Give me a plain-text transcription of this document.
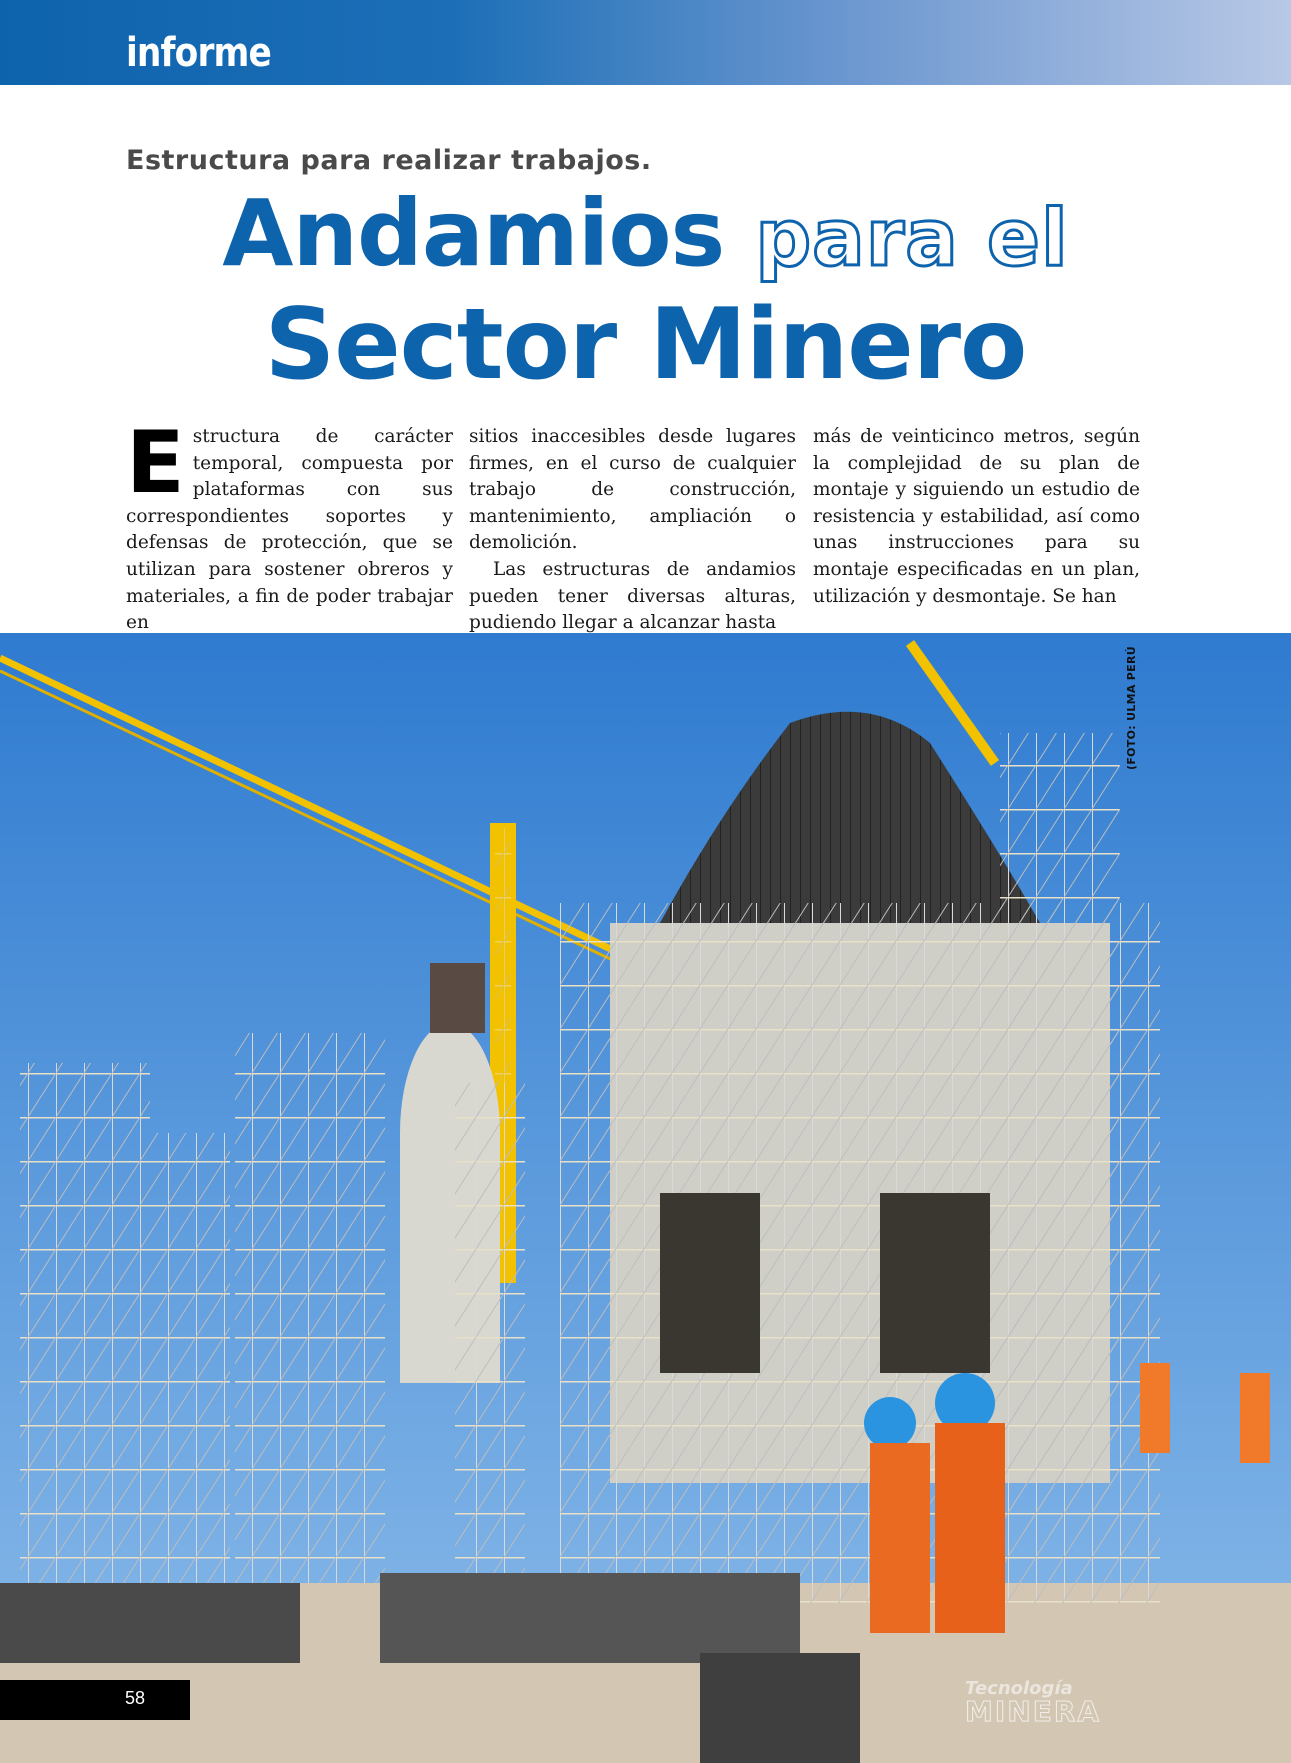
informe
Estructura para realizar trabajos.
Andamios para el
Sector Minero
E structura de carácter temporal, compuesta por plataformas con sus correspondientes soportes y defensas de protección, que se utilizan para sostener obreros y materiales, a fin de poder trabajar en
sitios inaccesibles desde lugares firmes, en el curso de cualquier trabajo de construcción, mantenimiento, ampliación o demolición.
Las estructuras de andamios pueden tener diversas alturas, pudiendo llegar a alcanzar hasta
más de veinticinco metros, según la complejidad de su plan de montaje y siguiendo un estudio de resistencia y estabilidad, así como unas instrucciones para su montaje especificadas en un plan, utilización y desmontaje. Se han
(FOTO: ULMA PERÚ
58	Tecnología
MINERA
